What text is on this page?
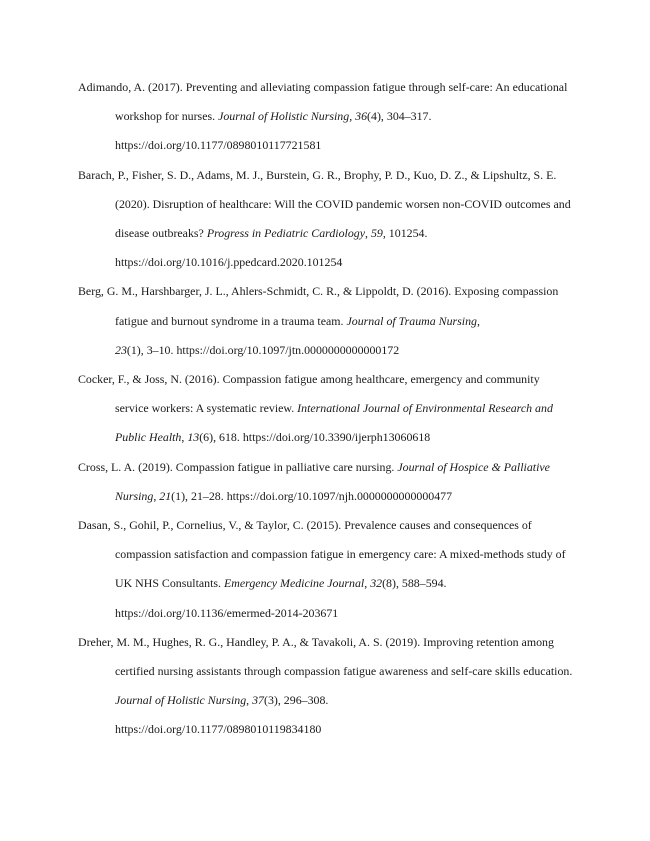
Adimando, A. (2017). Preventing and alleviating compassion fatigue through self-care: An educational workshop for nurses. Journal of Holistic Nursing, 36(4), 304–317.
https://doi.org/10.1177/0898010117721581
Barach, P., Fisher, S. D., Adams, M. J., Burstein, G. R., Brophy, P. D., Kuo, D. Z., & Lipshultz, S. E. (2020). Disruption of healthcare: Will the COVID pandemic worsen non-COVID outcomes and disease outbreaks? Progress in Pediatric Cardiology, 59, 101254.
https://doi.org/10.1016/j.ppedcard.2020.101254
Berg, G. M., Harshbarger, J. L., Ahlers-Schmidt, C. R., & Lippoldt, D. (2016). Exposing compassion fatigue and burnout syndrome in a trauma team. Journal of Trauma Nursing,
23(1), 3–10. https://doi.org/10.1097/jtn.0000000000000172
Cocker, F., & Joss, N. (2016). Compassion fatigue among healthcare, emergency and community service workers: A systematic review. International Journal of Environmental Research and Public Health, 13(6), 618. https://doi.org/10.3390/ijerph13060618
Cross, L. A. (2019). Compassion fatigue in palliative care nursing. Journal of Hospice & Palliative Nursing, 21(1), 21–28. https://doi.org/10.1097/njh.0000000000000477
Dasan, S., Gohil, P., Cornelius, V., & Taylor, C. (2015). Prevalence causes and consequences of compassion satisfaction and compassion fatigue in emergency care: A mixed-methods study of UK NHS Consultants. Emergency Medicine Journal, 32(8), 588–594.
https://doi.org/10.1136/emermed-2014-203671
Dreher, M. M., Hughes, R. G., Handley, P. A., & Tavakoli, A. S. (2019). Improving retention among certified nursing assistants through compassion fatigue awareness and self-care skills education. Journal of Holistic Nursing, 37(3), 296–308.
https://doi.org/10.1177/0898010119834180
